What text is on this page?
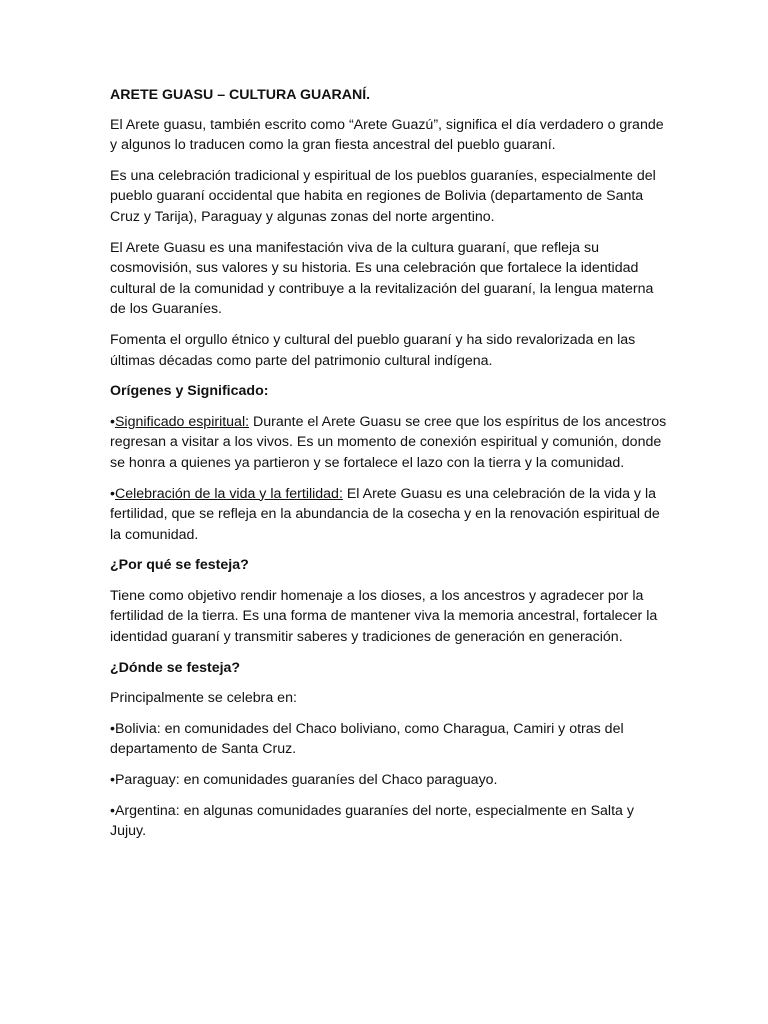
ARETE GUASU – CULTURA GUARANÍ.

El Arete guasu, también escrito como “Arete Guazú”, significa el día verdadero o grande y algunos lo traducen como la gran fiesta ancestral del pueblo guaraní.

Es una celebración tradicional y espiritual de los pueblos guaraníes, especialmente del pueblo guaraní occidental que habita en regiones de Bolivia (departamento de Santa Cruz y Tarija), Paraguay y algunas zonas del norte argentino.

El Arete Guasu es una manifestación viva de la cultura guaraní, que refleja su cosmovisión, sus valores y su historia. Es una celebración que fortalece la identidad cultural de la comunidad y contribuye a la revitalización del guaraní, la lengua materna de los Guaraníes.

Fomenta el orgullo étnico y cultural del pueblo guaraní y ha sido revalorizada en las últimas décadas como parte del patrimonio cultural indígena.

Orígenes y Significado:

•Significado espiritual: Durante el Arete Guasu se cree que los espíritus de los ancestros regresan a visitar a los vivos. Es un momento de conexión espiritual y comunión, donde se honra a quienes ya partieron y se fortalece el lazo con la tierra y la comunidad.

•Celebración de la vida y la fertilidad: El Arete Guasu es una celebración de la vida y la fertilidad, que se refleja en la abundancia de la cosecha y en la renovación espiritual de la comunidad.

¿Por qué se festeja?

Tiene como objetivo rendir homenaje a los dioses, a los ancestros y agradecer por la fertilidad de la tierra. Es una forma de mantener viva la memoria ancestral, fortalecer la identidad guaraní y transmitir saberes y tradiciones de generación en generación.

¿Dónde se festeja?

Principalmente se celebra en:

•Bolivia: en comunidades del Chaco boliviano, como Charagua, Camiri y otras del departamento de Santa Cruz.

•Paraguay: en comunidades guaraníes del Chaco paraguayo.

•Argentina: en algunas comunidades guaraníes del norte, especialmente en Salta y Jujuy.
